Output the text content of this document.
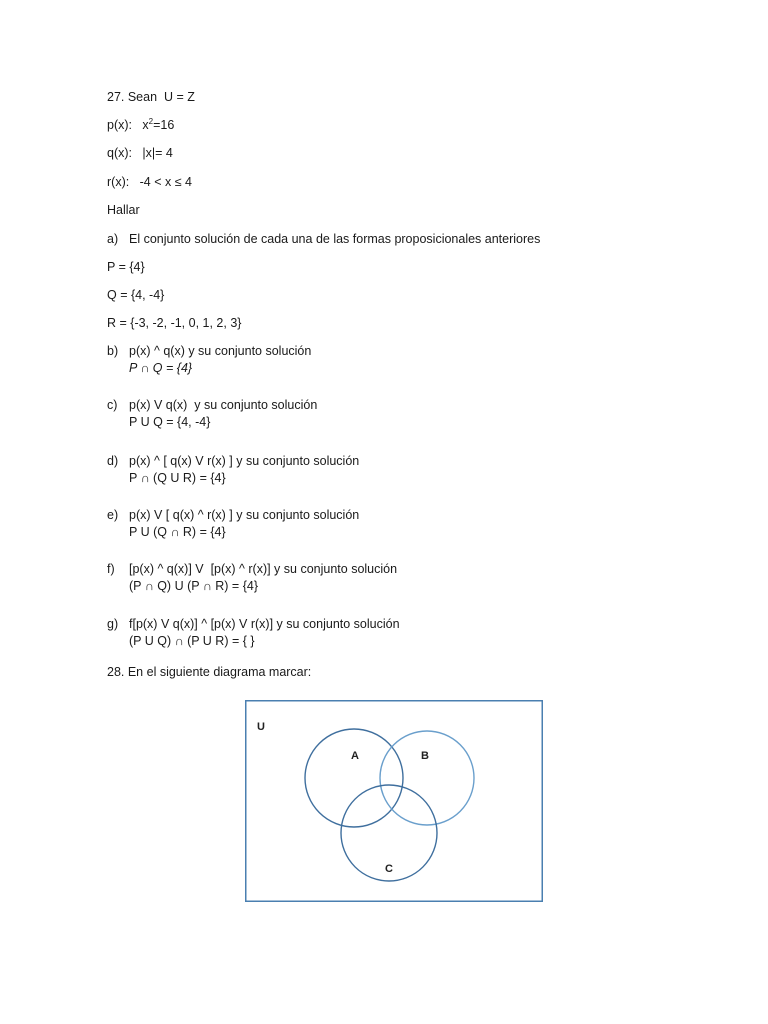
27. Sean  U = Z
p(x):   $x^2=16$
q(x):   |x|= 4
r(x):   -4 < x ≤ 4
Hallar
a) El conjunto solución de cada una de las formas proposicionales anteriores
P = {4}
Q = {4, -4}
R = {-3, -2, -1, 0, 1, 2, 3}
b) p(x) ^ q(x) y su conjunto solución
P ∩ Q = {4}
c) p(x) V q(x)  y su conjunto solución
P U Q = {4, -4}
d) p(x) ^ [ q(x) V r(x) ] y su conjunto solución
P ∩ (Q U R) = {4}
e) p(x) V [ q(x) ^ r(x) ] y su conjunto solución
P U (Q ∩ R) = {4}
f)	[p(x) ^ q(x)] V  [p(x) ^ r(x)] y su conjunto solución
(P ∩ Q) U (P ∩ R) = {4}
g) f[p(x) V q(x)] ^ [p(x) V r(x)] y su conjunto solución
(P U Q) ∩ (P U R) = { }
28. En el siguiente diagrama marcar:
U
A	B
C
